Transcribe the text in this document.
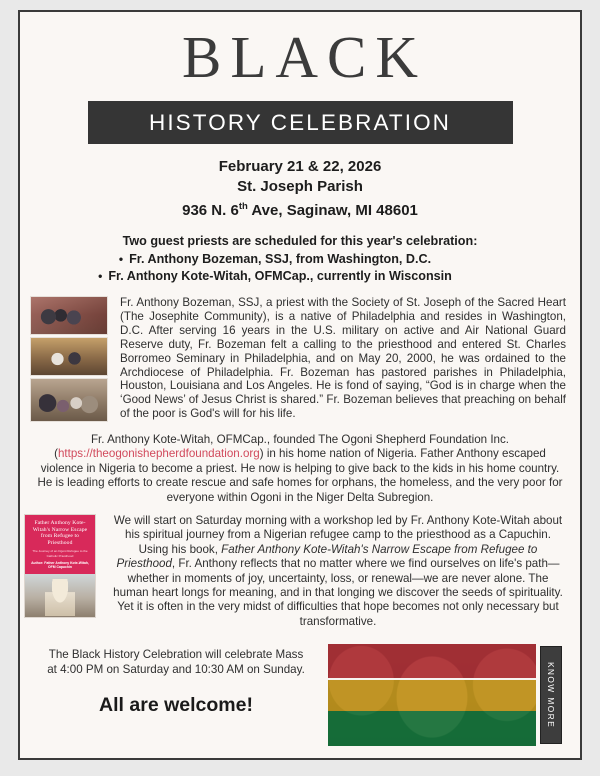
BLACK
HISTORY CELEBRATION
February 21 & 22, 2026
St. Joseph Parish
936 N. 6th Ave, Saginaw, MI 48601
Two guest priests are scheduled for this year's celebration:
• Fr. Anthony Bozeman, SSJ, from Washington, D.C.
• Fr. Anthony Kote-Witah, OFMCap., currently in Wisconsin
Fr. Anthony Bozeman, SSJ, a priest with the Society of St. Joseph of the Sacred Heart (The Josephite Community), is a native of Philadelphia and resides in Washington, D.C. After serving 16 years in the U.S. military on active and Air National Guard Reserve duty, Fr. Bozeman felt a calling to the priesthood and entered St. Charles Borromeo Seminary in Philadelphia, and on May 20, 2000, he was ordained to the Archdiocese of Philadelphia. Fr. Bozeman has pastored parishes in Philadelphia, Houston, Louisiana and Los Angeles. He is fond of saying, “God is in charge when the ‘Good News’ of Jesus Christ is shared.” Fr. Bozeman believes that preaching on behalf of the poor is God's will for his life.
Fr. Anthony Kote-Witah, OFMCap., founded The Ogoni Shepherd Foundation Inc. (https://theogonishepherdfoundation.org) in his home nation of Nigeria. Father Anthony escaped violence in Nigeria to become a priest. He now is helping to give back to the kids in his home country. He is leading efforts to create rescue and safe homes for orphans, the homeless, and the very poor for everyone within Ogoni in the Niger Delta Subregion.
Father Anthony Kote-Witah's Narrow Escape from Refugee to Priesthood
The Journey of an Ogoni Refugee to the Catholic Priesthood
Author: Father Anthony Kote-Witah, OFM Capuchin
We will start on Saturday morning with a workshop led by Fr. Anthony Kote-Witah about his spiritual journey from a Nigerian refugee camp to the priesthood as a Capuchin. Using his book, Father Anthony Kote-Witah's Narrow Escape from Refugee to Priesthood, Fr. Anthony reflects that no matter where we find ourselves on life's path—whether in moments of joy, uncertainty, loss, or renewal—we are never alone. The human heart longs for meaning, and in that longing we discover the seeds of spirituality. Yet it is often in the very midst of difficulties that hope becomes not only necessary but transformative.
The Black History Celebration will celebrate Mass
at 4:00 PM on Saturday and 10:30 AM on Sunday.
All are welcome!	KNOW MORE
